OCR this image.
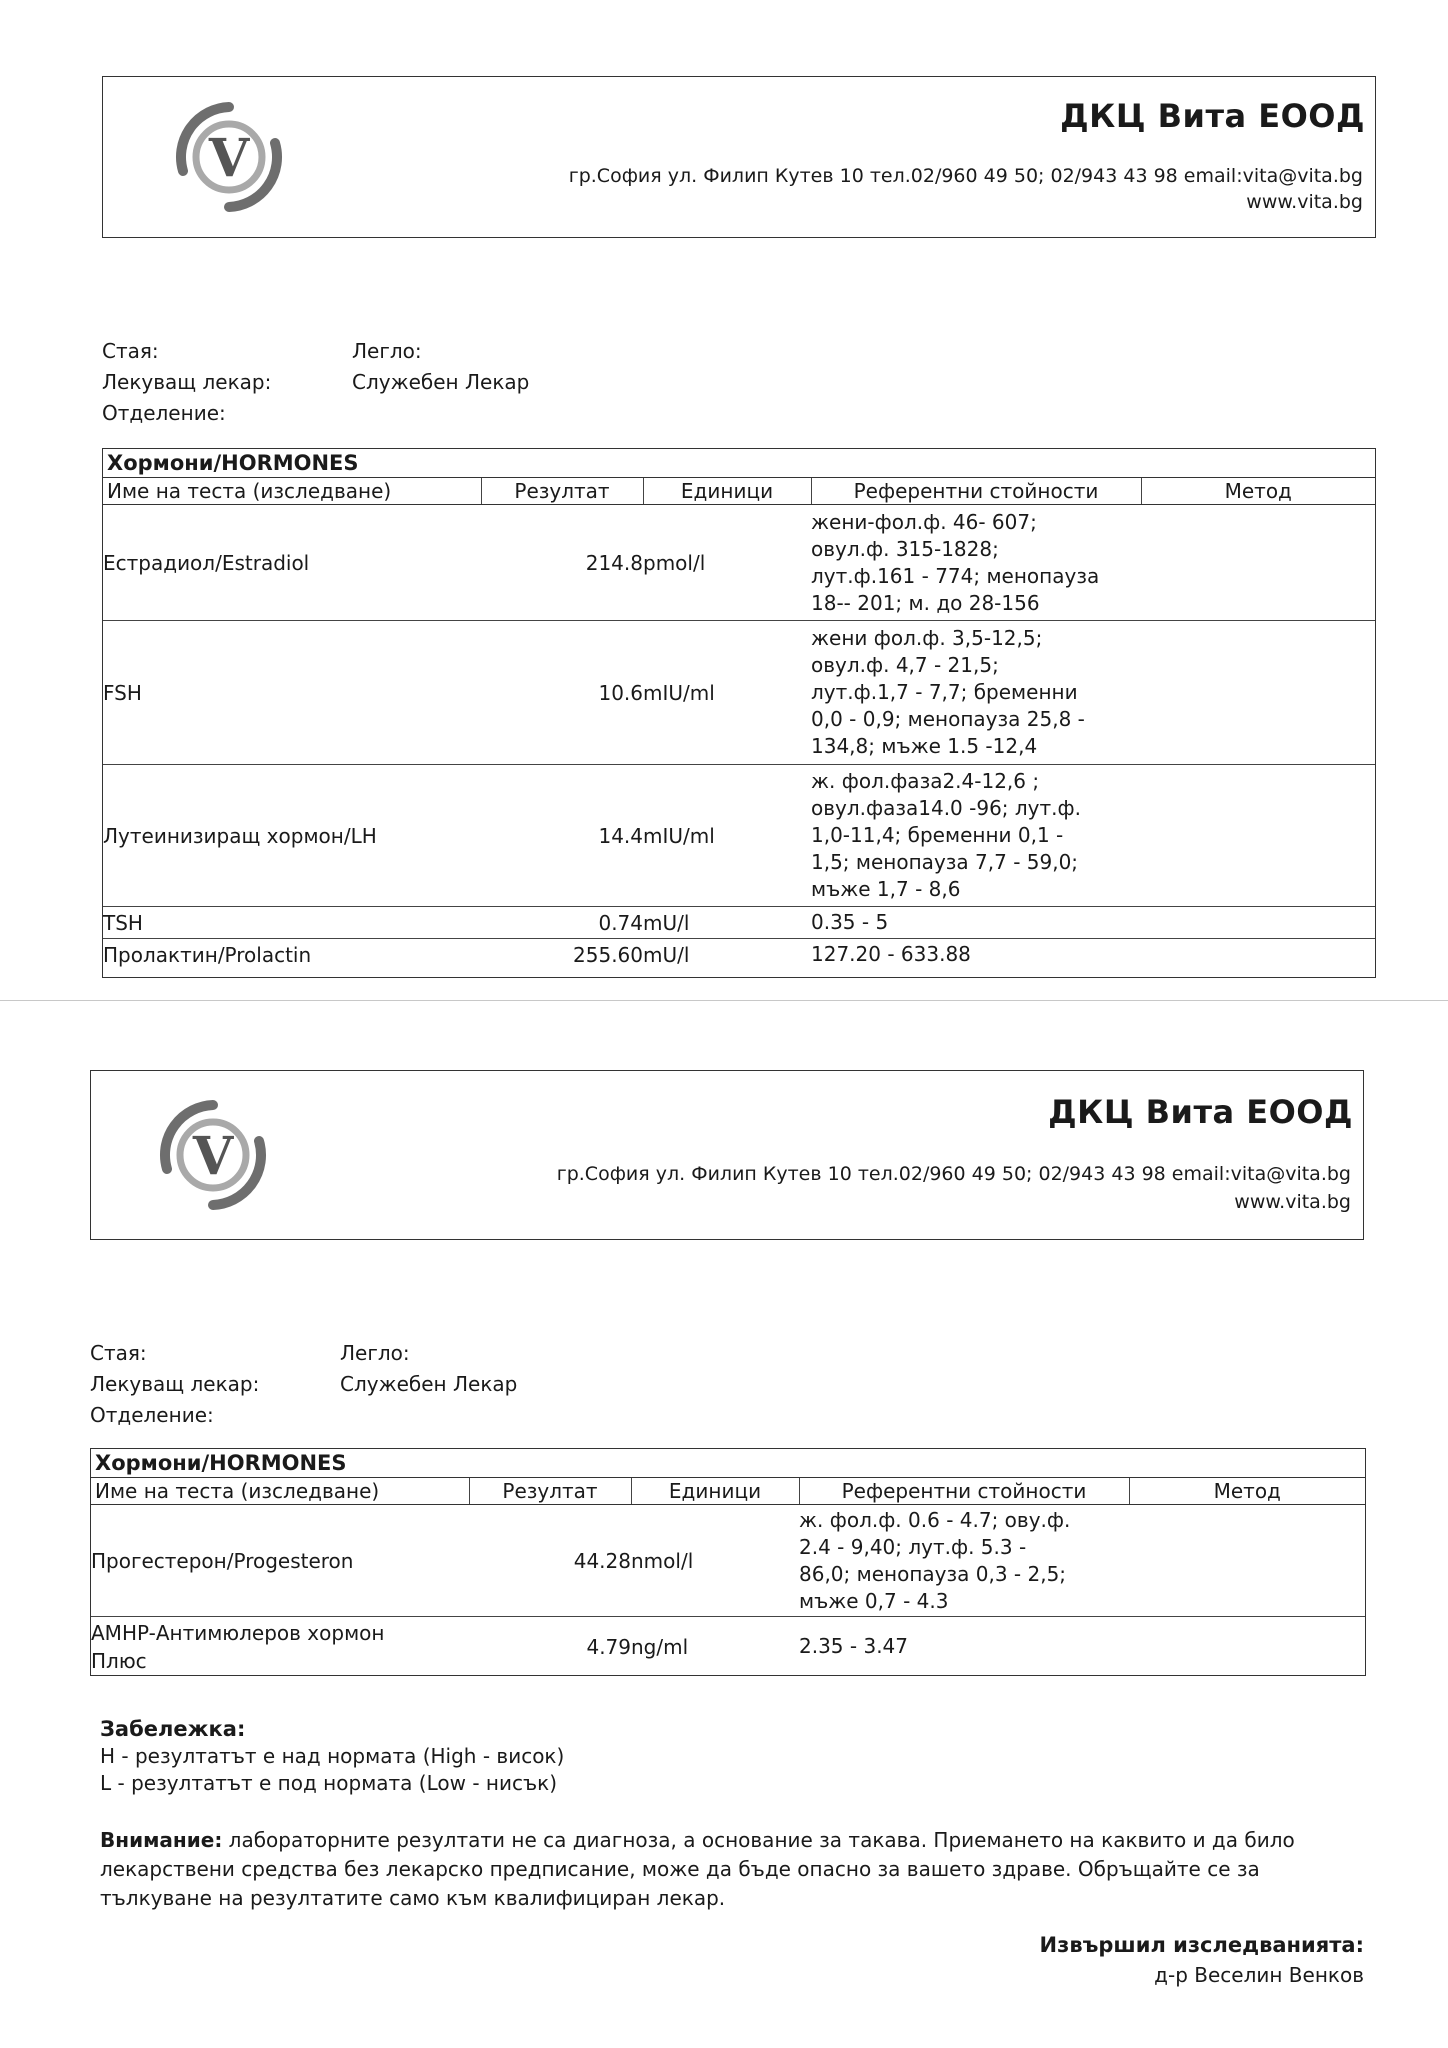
V
ДКЦ Вита ЕООД
гр.София ул. Филип Кутев 10 тел.02/960 49 50; 02/943 43 98 email:vita@vita.bg
www.vita.bg
Стая:	Легло:
Лекуващ лекар:	Служебен Лекар
Отделение:
Хормони/HORMONES
Име на теста (изследване)	Резултат	Единици	Референтни стойности	Метод
Естрадиол/Estradiol	214.8	pmol/l	жени-фол.ф. 46- 607;
овул.ф. 315-1828;
лут.ф.161 - 774; менопауза
18-- 201; м. до 28-156	
FSH	10.6	mIU/ml	жени фол.ф. 3,5-12,5;
овул.ф. 4,7 - 21,5;
лут.ф.1,7 - 7,7; бременни
0,0 - 0,9; менопауза 25,8 -
134,8; мъже 1.5 -12,4	
Лутеинизиращ хормон/LH	14.4	mIU/ml	ж. фол.фаза2.4-12,6 ;
овул.фаза14.0 -96; лут.ф.
1,0-11,4; бременни 0,1 -
1,5; менопауза 7,7 - 59,0;
мъже 1,7 - 8,6	
TSH	0.74	mU/l	0.35 - 5	
Пролактин/Prolactin	255.60	mU/l	127.20 - 633.88	
V
ДКЦ Вита ЕООД
гр.София ул. Филип Кутев 10 тел.02/960 49 50; 02/943 43 98 email:vita@vita.bg
www.vita.bg
Стая:	Легло:
Лекуващ лекар:	Служебен Лекар
Отделение:
Хормони/HORMONES
Име на теста (изследване)	Резултат	Единици	Референтни стойности	Метод
Прогестерон/Progesteron	44.28	nmol/l	ж. фол.ф. 0.6 - 4.7; ову.ф.
2.4 - 9,40; лут.ф. 5.3 -
86,0; менопауза 0,3 - 2,5;
мъже 0,7 - 4.3	
AMHP-Антимюлеров хормон
Плюс	4.79	ng/ml	2.35 - 3.47	
Забележка:
H - резултатът е над нормата (High - висок)
L - резултатът е под нормата (Low - нисък)
Внимание: лабораторните резултати не са диагноза, а основание за такава. Приемането на каквито и да било лекарствени средства без лекарско предписание, може да бъде опасно за вашето здраве. Обръщайте се за тълкуване на резултатите само към квалифициран лекар.
Извършил изследванията:
д-р Веселин Венков
